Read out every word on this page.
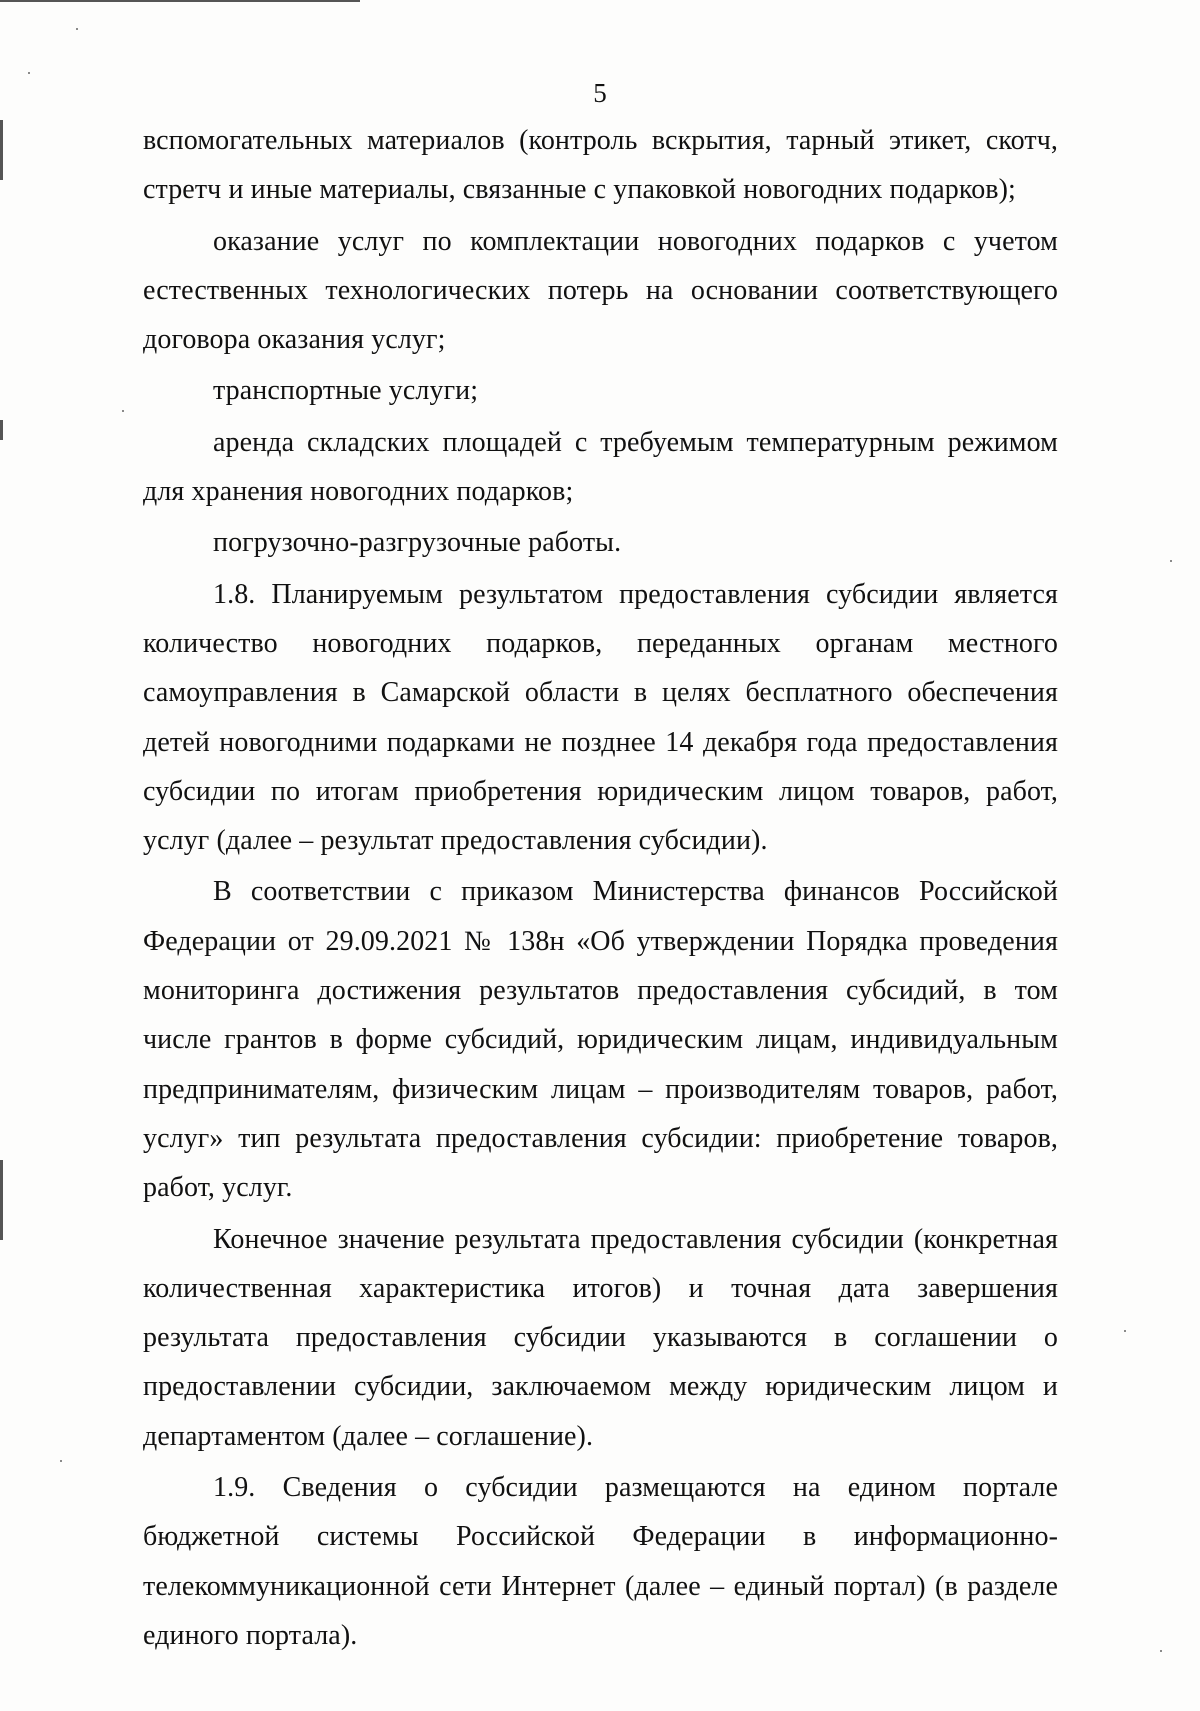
5

вспомогательных материалов (контроль вскрытия, тарный этикет, скотч, стретч и иные материалы, связанные с упаковкой новогодних подарков);

оказание услуг по комплектации новогодних подарков с учетом естественных технологических потерь на основании соответствующего договора оказания услуг;

транспортные услуги;

аренда складских площадей с требуемым температурным режимом для хранения новогодних подарков;

погрузочно-разгрузочные работы.

1.8. Планируемым результатом предоставления субсидии является количество новогодних подарков, переданных органам местного самоуправления в Самарской области в целях бесплатного обеспечения детей новогодними подарками не позднее 14 декабря года предоставления субсидии по итогам приобретения юридическим лицом товаров, работ, услуг (далее – результат предоставления субсидии).

В соответствии с приказом Министерства финансов Российской Федерации от 29.09.2021 № 138н «Об утверждении Порядка проведения мониторинга достижения результатов предоставления субсидий, в том числе грантов в форме субсидий, юридическим лицам, индивидуальным предпринимателям, физическим лицам – производителям товаров, работ, услуг» тип результата предоставления субсидии: приобретение товаров, работ, услуг.

Конечное значение результата предоставления субсидии (конкретная количественная характеристика итогов) и точная дата завершения результата предоставления субсидии указываются в соглашении о предоставлении субсидии, заключаемом между юридическим лицом и департаментом (далее – соглашение).

1.9. Сведения о субсидии размещаются на едином портале бюджетной системы Российской Федерации в информационно-телекоммуникационной сети Интернет (далее – единый портал) (в разделе единого портала).
